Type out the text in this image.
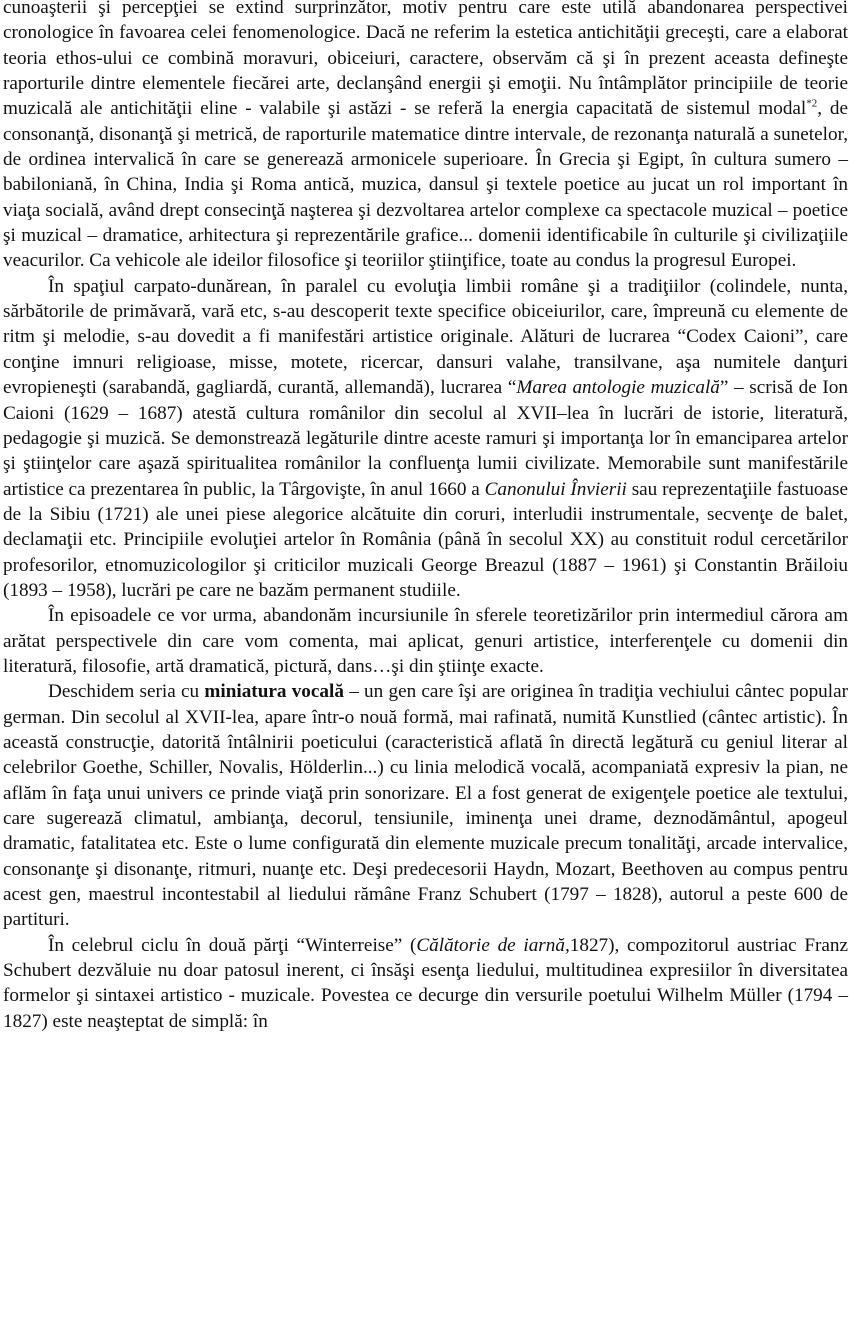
cunoaşterii şi percepţiei se extind surprinzător, motiv pentru care este utilă abandonarea perspectivei cronologice în favoarea celei fenomenologice. Dacă ne referim la estetica antichităţii greceşti, care a elaborat teoria ethos-ului ce combină moravuri, obiceiuri, caractere, observăm că şi în prezent aceasta defineşte raporturile dintre elementele fiecărei arte, declanşând energii şi emoţii. Nu întâmplător principiile de teorie muzicală ale antichităţii eline - valabile şi astăzi - se referă la energia capacitată de sistemul modal$^{*2}$, de consonanţă, disonanţă şi metrică, de raporturile matematice dintre intervale, de rezonanţa naturală a sunetelor, de ordinea intervalică în care se generează armonicele superioare. În Grecia şi Egipt, în cultura sumero – babiloniană, în China, India şi Roma antică, muzica, dansul şi textele poetice au jucat un rol important în viaţa socială, având drept consecinţă naşterea şi dezvoltarea artelor complexe ca spectacole muzical – poetice şi muzical – dramatice, arhitectura şi reprezentările grafice... domenii identificabile în culturile şi civilizaţiile veacurilor. Ca vehicole ale ideilor filosofice şi teoriilor ştiinţifice, toate au condus la progresul Europei.

În spaţiul carpato-dunărean, în paralel cu evoluţia limbii române şi a tradiţiilor (colindele, nunta, sărbătorile de primăvară, vară etc, s-au descoperit texte specifice obiceiurilor, care, împreună cu elemente de ritm şi melodie, s-au dovedit a fi manifestări artistice originale. Alături de lucrarea “Codex Caioni”, care conţine imnuri religioase, misse, motete, ricercar, dansuri valahe, transilvane, aşa numitele danţuri evropieneşti (sarabandă, gagliardă, curantă, allemandă), lucrarea “Marea antologie muzicală” – scrisă de Ion Caioni (1629 – 1687) atestă cultura românilor din secolul al XVII–lea în lucrări de istorie, literatură, pedagogie şi muzică. Se demonstrează legăturile dintre aceste ramuri şi importanţa lor în emanciparea artelor şi ştiinţelor care aşază spiritualitea românilor la confluenţa lumii civilizate. Memorabile sunt manifestările artistice ca prezentarea în public, la Târgovişte, în anul 1660 a Canonului Învierii sau reprezentaţiile fastuoase de la Sibiu (1721) ale unei piese alegorice alcătuite din coruri, interludii instrumentale, secvenţe de balet, declamaţii etc. Principiile evoluţiei artelor în România (până în secolul XX) au constituit rodul cercetărilor profesorilor, etnomuzicologilor şi criticilor muzicali George Breazul (1887 – 1961) şi Constantin Brăiloiu (1893 – 1958), lucrări pe care ne bazăm permanent studiile.

În episoadele ce vor urma, abandonăm incursiunile în sferele teoretizărilor prin intermediul cărora am arătat perspectivele din care vom comenta, mai aplicat, genuri artistice, interferenţele cu domenii din literatură, filosofie, artă dramatică, pictură, dans…şi din ştiinţe exacte.

Deschidem seria cu miniatura vocală – un gen care îşi are originea în tradiţia vechiului cântec popular german. Din secolul al XVII-lea, apare într-o nouă formă, mai rafinată, numită Kunstlied (cântec artistic). În această construcţie, datorită întâlnirii poeticului (caracteristică aflată în directă legătură cu geniul literar al celebrilor Goethe, Schiller, Novalis, Hölderlin...) cu linia melodică vocală, acompaniată expresiv la pian, ne aflăm în faţa unui univers ce prinde viaţă prin sonorizare. El a fost generat de exigenţele poetice ale textului, care sugerează climatul, ambianţa, decorul, tensiunile, iminenţa unei drame, deznodământul, apogeul dramatic, fatalitatea etc. Este o lume configurată din elemente muzicale precum tonalităţi, arcade intervalice, consonanţe şi disonanţe, ritmuri, nuanţe etc. Deşi predecesorii Haydn, Mozart, Beethoven au compus pentru acest gen, maestrul incontestabil al liedului rămâne Franz Schubert (1797 – 1828), autorul a peste 600 de partituri.

În celebrul ciclu în două părţi “Winterreise” (Călătorie de iarnă,1827), compozitorul austriac Franz Schubert dezvăluie nu doar patosul inerent, ci însăşi esenţa liedului, multitudinea expresiilor în diversitatea formelor şi sintaxei artistico - muzicale. Povestea ce decurge din versurile poetului Wilhelm Müller (1794 – 1827) este neaşteptat de simplă: în
